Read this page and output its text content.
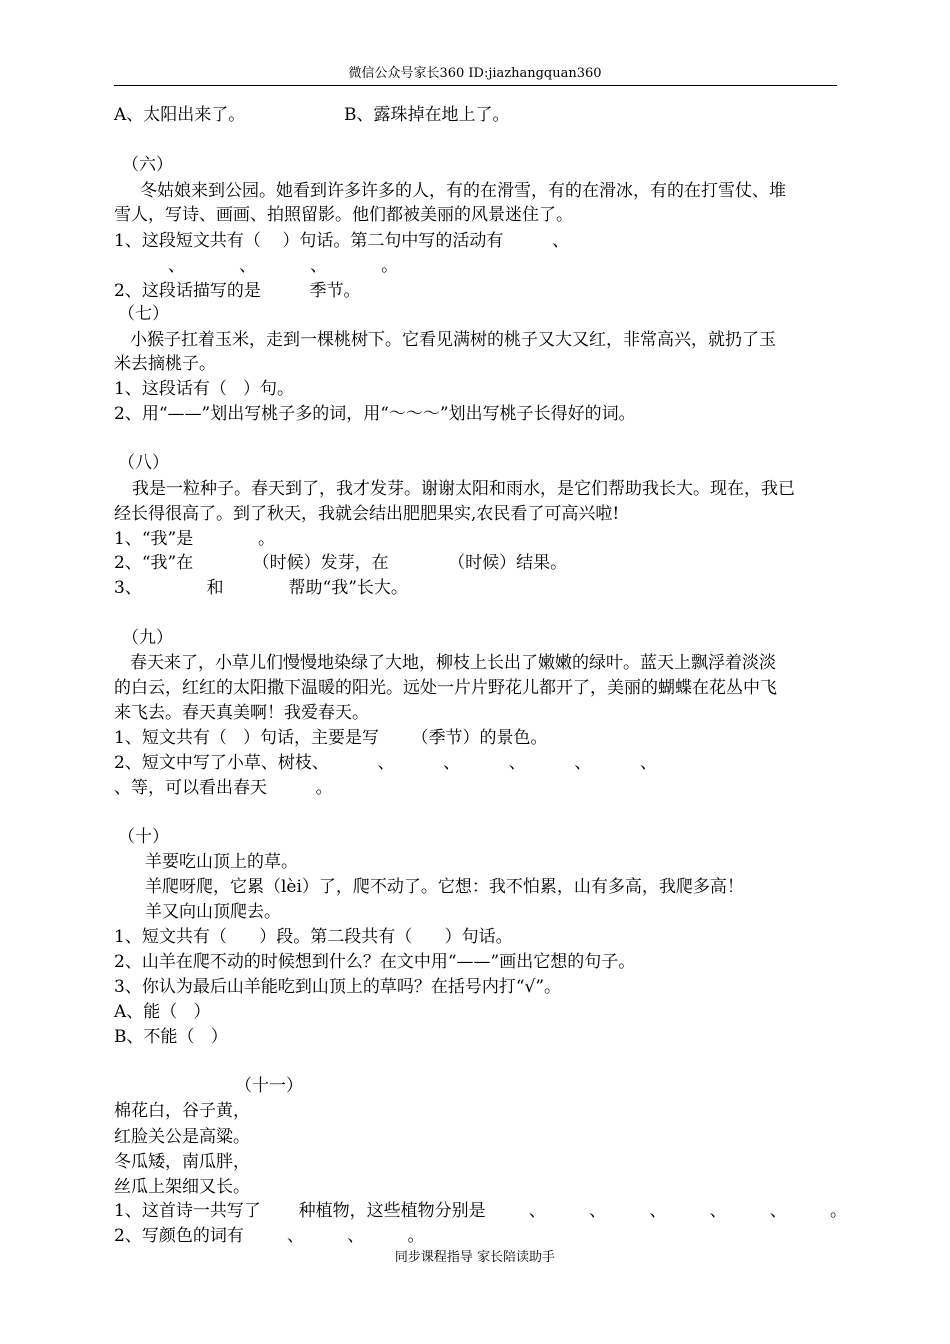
微信公众号家长360 ID:jiazhangquan360
A、太阳出来了。	B、露珠掉在地上了。
（六）
冬姑娘来到公园。她看到许多许多的人，有的在滑雪，有的在滑冰，有的在打雪仗、堆
雪人，写诗、画画、拍照留影。他们都被美丽的风景迷住了。
1、这段短文共有（    ）句话。第二句中写的活动有         、
、          、          、          。
2、这段话描写的是         季节。
（七）
小猴子扛着玉米，走到一棵桃树下。它看见满树的桃子又大又红，非常高兴，就扔了玉
米去摘桃子。
1、这段话有（   ）句。
2、用“——”划出写桃子多的词，用“～～～”划出写桃子长得好的词。
（八）
我是一粒种子。春天到了，我才发芽。谢谢太阳和雨水，是它们帮助我长大。现在，我已
经长得很高了。到了秋天，我就会结出肥肥果实,农民看了可高兴啦!
1、“我”是            。
2、“我”在           （时候）发芽，在           （时候）结果。
3、            和            帮助“我”长大。
（九）
春天来了，小草儿们慢慢地染绿了大地，柳枝上长出了嫩嫩的绿叶。蓝天上飘浮着淡淡
的白云，红红的太阳撒下温暖的阳光。远处一片片野花儿都开了，美丽的蝴蝶在花丛中飞
来飞去。春天真美啊！我爱春天。
1、短文共有（   ）句话，主要是写      （季节）的景色。
2、短文中写了小草、树枝、         、         、         、         、         、
、等，可以看出春天         。
（十）
羊要吃山顶上的草。
羊爬呀爬，它累（lèi）了，爬不动了。它想：我不怕累，山有多高，我爬多高！
羊又向山顶爬去。
1、短文共有（      ）段。第二段共有（      ）句话。
2、山羊在爬不动的时候想到什么？在文中用“——”画出它想的句子。
3、你认为最后山羊能吃到山顶上的草吗？在括号内打“√”。
A、能（   ）
B、不能（   ）
（十一）
棉花白，谷子黄，
红脸关公是高粱。
冬瓜矮，南瓜胖，
丝瓜上架细又长。
1、这首诗一共写了       种植物，这些植物分别是        、        、        、        、        、        。
2、写颜色的词有        、        、        。
同步课程指导 家长陪读助手
